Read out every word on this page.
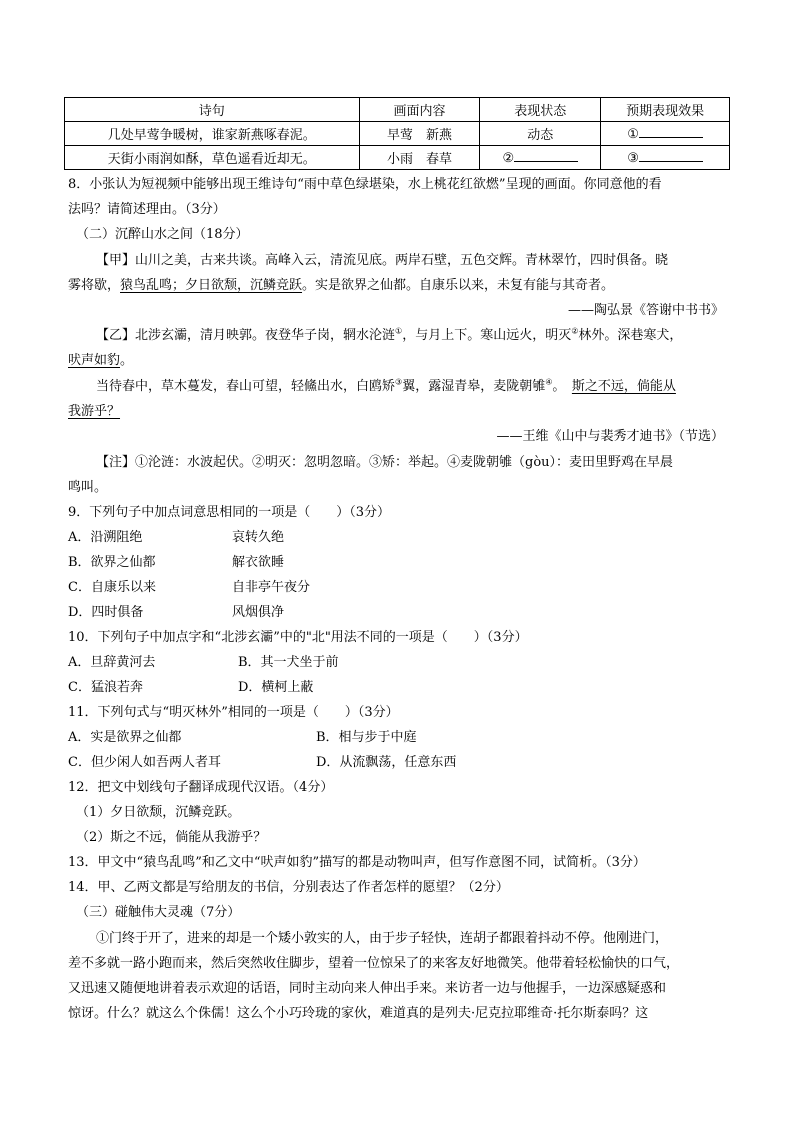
诗句	画面内容	表现状态	预期表现效果
几处早莺争暖树，谁家新燕啄春泥。	早莺　新燕	动态	①
天街小雨润如酥，草色遥看近却无。	小雨　春草	②	③
8．小张认为短视频中能够出现王维诗句“雨中草色绿堪染，水上桃花红欲燃”呈现的画面。你同意他的看
法吗？请简述理由。（3分）
（二）沉醉山水之间（18分）
【甲】山川之美，古来共谈。高峰入云，清流见底。两岸石壁，五色交辉。青林翠竹，四时俱备。晓
雾将歇，猿鸟乱鸣；夕日欲颓，沉鳞竞跃。实是欲界之仙都。自康乐以来，未复有能与其奇者。
——陶弘景《答谢中书书》
【乙】北涉玄灞，清月映郭。夜登华子岗，辋水沦涟①，与月上下。寒山远火，明灭②林外。深巷寒犬，
吠声如豹。
当待春中，草木蔓发，春山可望，轻鯈出水，白鸥矫③翼，露湿青皋，麦陇朝雊④。　 斯之不远，倘能从
我游乎？
——王维《山中与裴秀才迪书》（节选）
【注】①沦涟：水波起伏。②明灭：忽明忽暗。③矫：举起。④麦陇朝雊（gòu）：麦田里野鸡在早晨
鸣叫。
9．下列句子中加点词意思相同的一项是（　　）（3分）
A．沿溯阻绝	哀转久绝
B．欲界之仙都	解衣欲睡
C．自康乐以来	自非亭午夜分
D．四时俱备	风烟俱净
10．下列句子中加点字和“北涉玄灞”中的"北"用法不同的一项是（　　）（3分）
A．旦辞黄河去	B．其一犬坐于前
C．猛浪若奔	D．横柯上蔽
11．下列句式与“明灭林外”相同的一项是（　　）（3分）
A．实是欲界之仙都	B．相与步于中庭
C．但少闲人如吾两人者耳	D．从流飘荡，任意东西
12．把文中划线句子翻译成现代汉语。（4分）
（1）夕日欲颓，沉鳞竞跃。
（2）斯之不远，倘能从我游乎？
13．甲文中“猿鸟乱鸣”和乙文中“吠声如豹”描写的都是动物叫声，但写作意图不同，试简析。（3分）
14．甲、乙两文都是写给朋友的书信，分别表达了作者怎样的愿望？（2分）
（三）碰触伟大灵魂（7分）
①门终于开了，进来的却是一个矮小敦实的人，由于步子轻快，连胡子都跟着抖动不停。他刚进门，
差不多就一路小跑而来，然后突然收住脚步，望着一位惊呆了的来客友好地微笑。他带着轻松愉快的口气，
又迅速又随便地讲着表示欢迎的话语，同时主动向来人伸出手来。来访者一边与他握手，一边深感疑惑和
惊讶。什么？就这么个侏儒！这么个小巧玲珑的家伙，难道真的是列夫·尼克拉耶维奇·托尔斯泰吗？这
